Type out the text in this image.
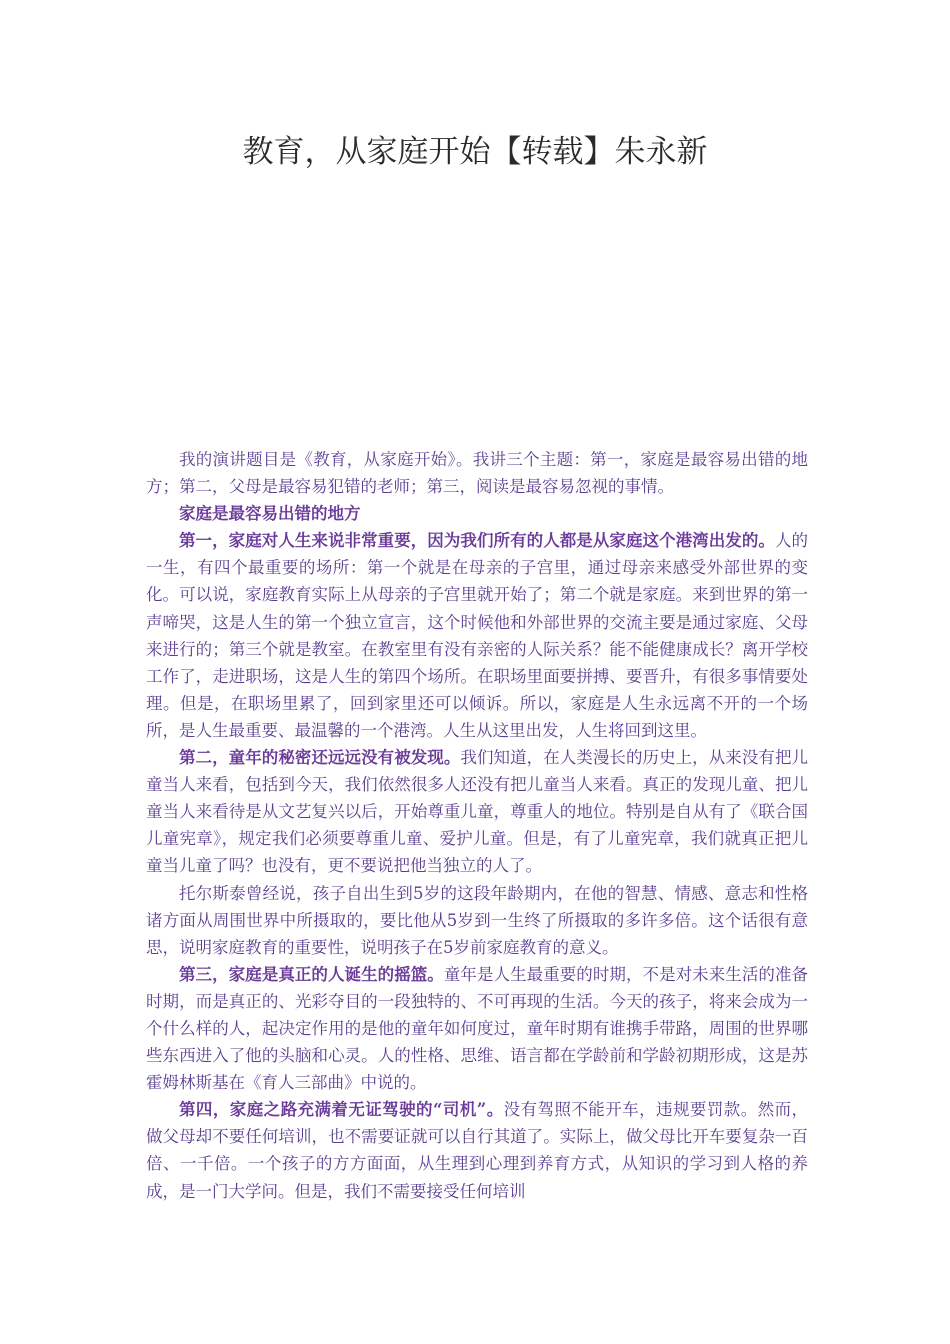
教育，从家庭开始【转载】朱永新

我的演讲题目是《教育，从家庭开始》。我讲三个主题：第一，家庭是最容易出错的地方；第二，父母是最容易犯错的老师；第三，阅读是最容易忽视的事情。

家庭是最容易出错的地方

第一，家庭对人生来说非常重要，因为我们所有的人都是从家庭这个港湾出发的。人的一生，有四个最重要的场所：第一个就是在母亲的子宫里，通过母亲来感受外部世界的变化。可以说，家庭教育实际上从母亲的子宫里就开始了；第二个就是家庭。来到世界的第一声啼哭，这是人生的第一个独立宣言，这个时候他和外部世界的交流主要是通过家庭、父母来进行的；第三个就是教室。在教室里有没有亲密的人际关系？能不能健康成长？离开学校工作了，走进职场，这是人生的第四个场所。在职场里面要拼搏、要晋升，有很多事情要处理。但是，在职场里累了，回到家里还可以倾诉。所以，家庭是人生永远离不开的一个场所，是人生最重要、最温馨的一个港湾。人生从这里出发，人生将回到这里。

第二，童年的秘密还远远没有被发现。我们知道，在人类漫长的历史上，从来没有把儿童当人来看，包括到今天，我们依然很多人还没有把儿童当人来看。真正的发现儿童、把儿童当人来看待是从文艺复兴以后，开始尊重儿童，尊重人的地位。特别是自从有了《联合国儿童宪章》，规定我们必须要尊重儿童、爱护儿童。但是，有了儿童宪章，我们就真正把儿童当儿童了吗？也没有，更不要说把他当独立的人了。

托尔斯泰曾经说，孩子自出生到5岁的这段年龄期内，在他的智慧、情感、意志和性格诸方面从周围世界中所摄取的，要比他从5岁到一生终了所摄取的多许多倍。这个话很有意思，说明家庭教育的重要性，说明孩子在5岁前家庭教育的意义。

第三，家庭是真正的人诞生的摇篮。童年是人生最重要的时期，不是对未来生活的准备时期，而是真正的、光彩夺目的一段独特的、不可再现的生活。今天的孩子，将来会成为一个什么样的人，起决定作用的是他的童年如何度过，童年时期有谁携手带路，周围的世界哪些东西进入了他的头脑和心灵。人的性格、思维、语言都在学龄前和学龄初期形成，这是苏霍姆林斯基在《育人三部曲》中说的。

第四，家庭之路充满着无证驾驶的“司机”。没有驾照不能开车，违规要罚款。然而，做父母却不要任何培训，也不需要证就可以自行其道了。实际上，做父母比开车要复杂一百倍、一千倍。一个孩子的方方面面，从生理到心理到养育方式，从知识的学习到人格的养成，是一门大学问。但是，我们不需要接受任何培训
